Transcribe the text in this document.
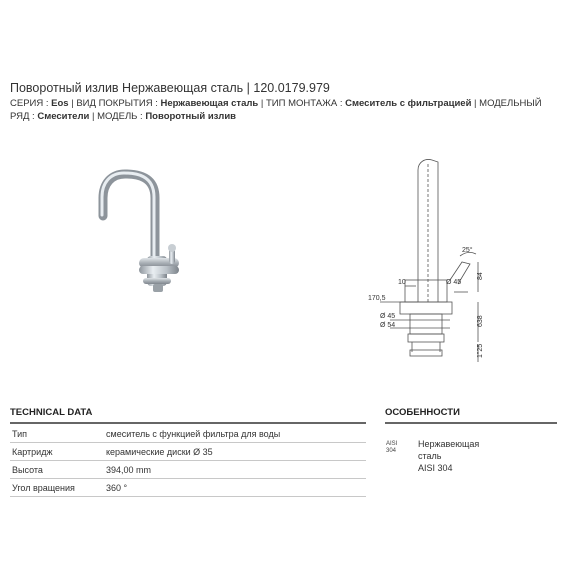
Поворотный излив Нержавеющая сталь | 120.0179.979
СЕРИЯ : Eos | ВИД ПОКРЫТИЯ : Нержавеющая сталь | ТИП МОНТАЖА : Смеситель с фильтрацией | МОДЕЛЬНЫЙ РЯД : Смесители | МОДЕЛЬ : Поворотный излив
25°
10	Ø 45
84
170,5
Ø 45
Ø 54	638
1"25
TECHNICAL DATA
Тип	смеситель с функцией фильтра для воды
Картридж	керамические диски Ø 35
Высота	394,00 mm
Угол вращения	360 °
ОСОБЕННОСТИ
AISI
304
Нержавеющая
сталь
AISI 304
